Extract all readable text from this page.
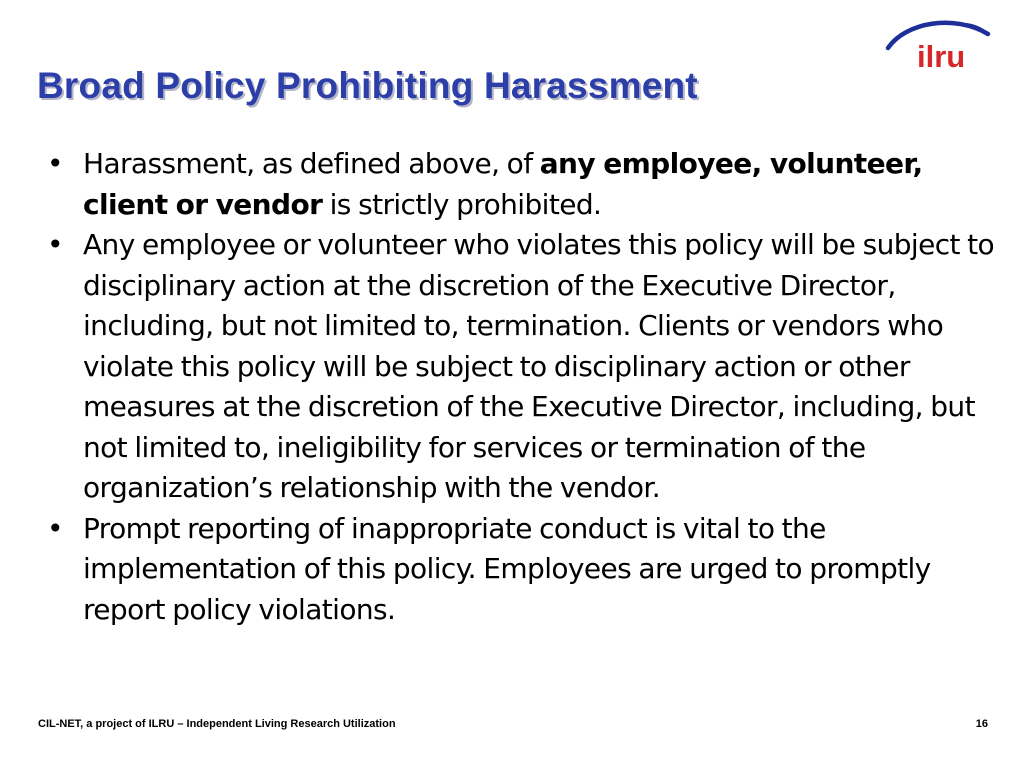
ilru
Broad Policy Prohibiting Harassment
• Harassment, as defined above, of any employee, volunteer, client or vendor is strictly prohibited.
• Any employee or volunteer who violates this policy will be subject to disciplinary action at the discretion of the Executive Director, including, but not limited to, termination. Clients or vendors who violate this policy will be subject to disciplinary action or other measures at the discretion of the Executive Director, including, but not limited to, ineligibility for services or termination of the organization’s relationship with the vendor.
• Prompt reporting of inappropriate conduct is vital to the implementation of this policy. Employees are urged to promptly report policy violations.
CIL-NET, a project of ILRU – Independent Living Research Utilization	16
